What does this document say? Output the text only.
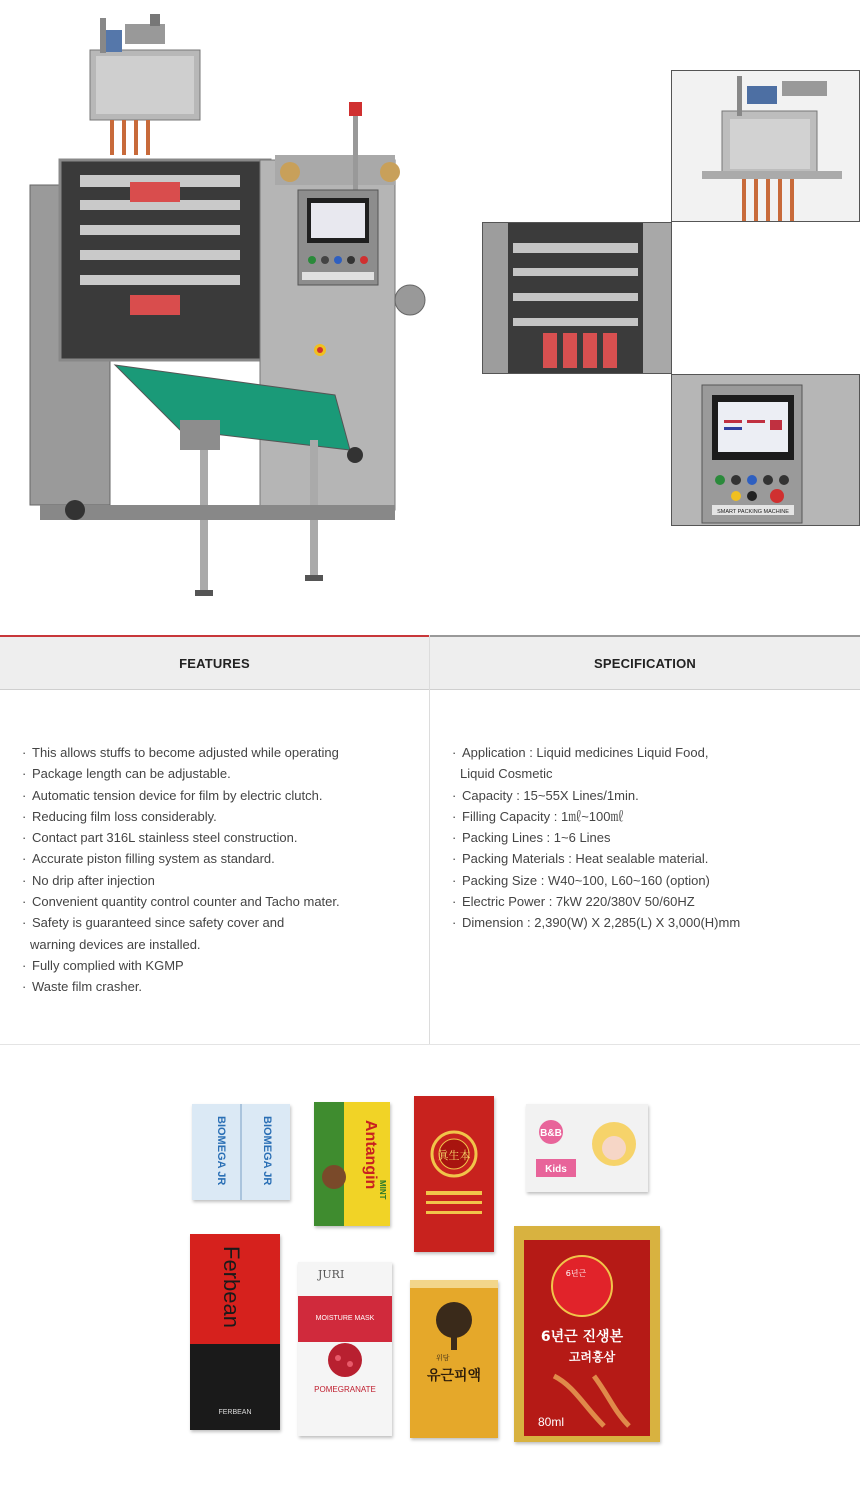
SMART PACKING MACHINE
FEATURES
· This allows stuffs to become adjusted while operating
· Package length can be adjustable.
· Automatic tension device for film by electric clutch.
· Reducing film loss considerably.
· Contact part 316L stainless steel construction.
· Accurate piston filling system as standard.
· No drip after injection
· Convenient quantity control counter and Tacho mater.
· Safety is guaranteed since safety cover and
warning devices are installed.
· Fully complied with KGMP
· Waste film crasher.
SPECIFICATION
· Application : Liquid medicines Liquid Food,
Liquid Cosmetic
· Capacity : 15~55X Lines/1min.
· Filling Capacity : 1㎖~100㎖
· Packing Lines : 1~6 Lines
· Packing Materials : Heat sealable material.
· Packing Size : W40~100, L60~160 (option)
· Electric Power : 7kW 220/380V 50/60HZ
· Dimension : 2,390(W) X 2,285(L) X 3,000(H)mm
BIOMEGA JR	BIOMEGA JR	Antangin
MINT
眞生本
B&B
Kids
Ferbean
FERBEAN
JURI
MOISTURE MASK
POMEGRANATE
위담
유근피액
6년근
6년근 진생본
고려홍삼
80ml
